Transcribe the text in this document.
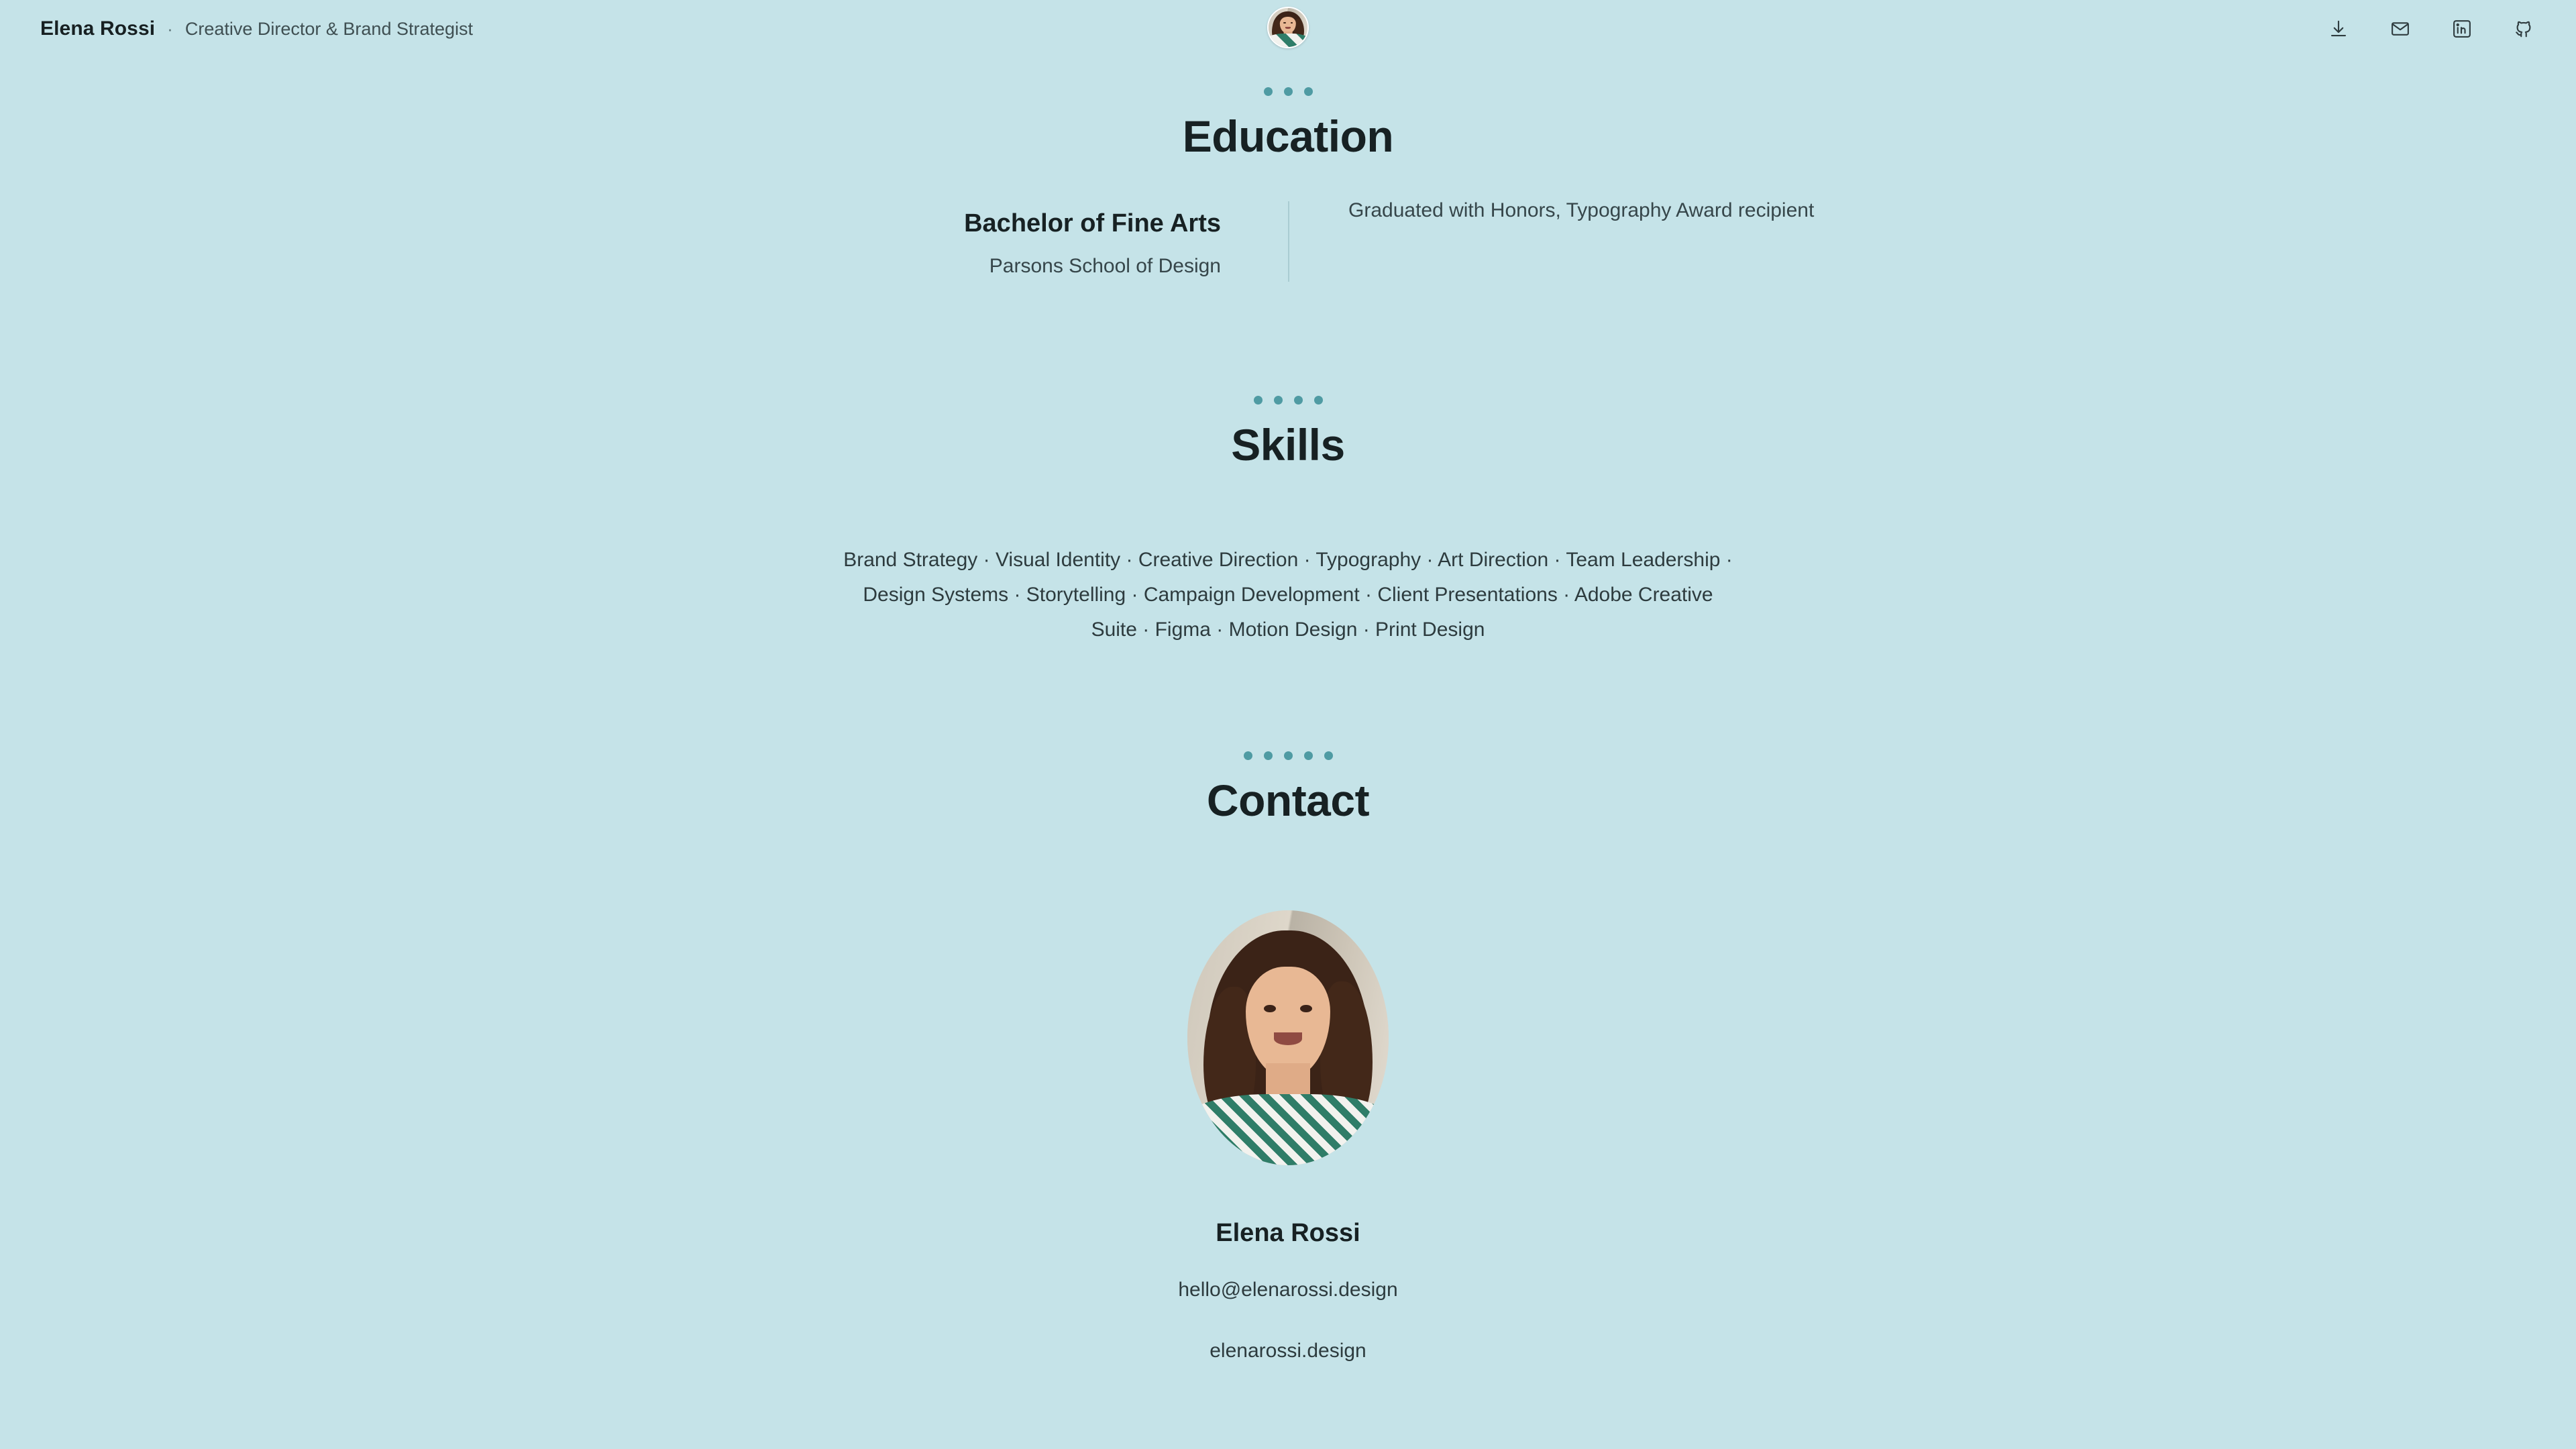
Elena Rossi · Creative Director & Brand Strategist
Education
Graduated with Honors, Typography Award recipient
Bachelor of Fine Arts
Parsons School of Design
Skills
Brand Strategy · Visual Identity · Creative Direction · Typography · Art Direction · Team Leadership · Design Systems · Storytelling · Campaign Development · Client Presentations · Adobe Creative Suite · Figma · Motion Design · Print Design
Contact
Elena Rossi
hello@elenarossi.design
elenarossi.design
